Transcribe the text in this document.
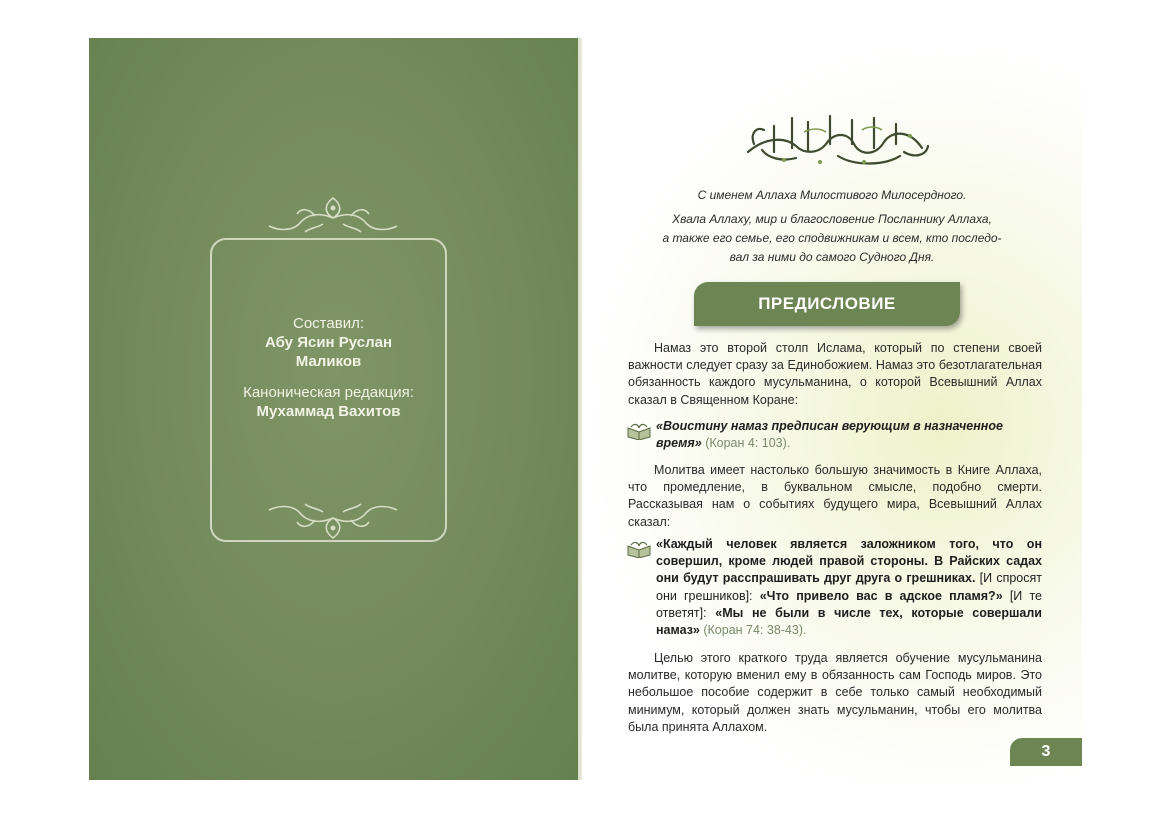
Составил:

Абу Ясин Руслан

Маликов

Каноническая редакция:

Мухаммад Вахитов

С именем Аллаха Милостивого Милосердного.

Хвала Аллаху, мир и благословение Посланнику Аллаха,

а также его семье, его сподвижникам и всем, кто последо-

вал за ними до самого Судного Дня.

ПРЕДИСЛОВИЕ

Намаз это второй столп Ислама, который по степени своей важности следует сразу за Единобожием. Намаз это безотлагательная обязанность каждого мусульманина, о которой Всевышний Аллах сказал в Священном Коране:

«Воистину намаз предписан верующим в назначенное время» (Коран 4: 103).

Молитва имеет настолько большую значимость в Книге Аллаха, что промедление, в буквальном смысле, подобно смерти. Рассказывая нам о событиях будущего мира, Всевышний Аллах сказал:

«Каждый человек является заложником того, что он совершил, кроме людей правой стороны. В Райских садах они будут расспрашивать друг друга о грешниках. [И спросят они грешников]: «Что привело вас в адское пламя?» [И те ответят]: «Мы не были в числе тех, которые совершали намаз» (Коран 74: 38-43).

Целью этого краткого труда является обучение мусульманина молитве, которую вменил ему в обязанность сам Господь миров. Это небольшое пособие содержит в себе только самый необходимый минимум, который должен знать мусульманин, чтобы его молитва была принята Аллахом.

3
